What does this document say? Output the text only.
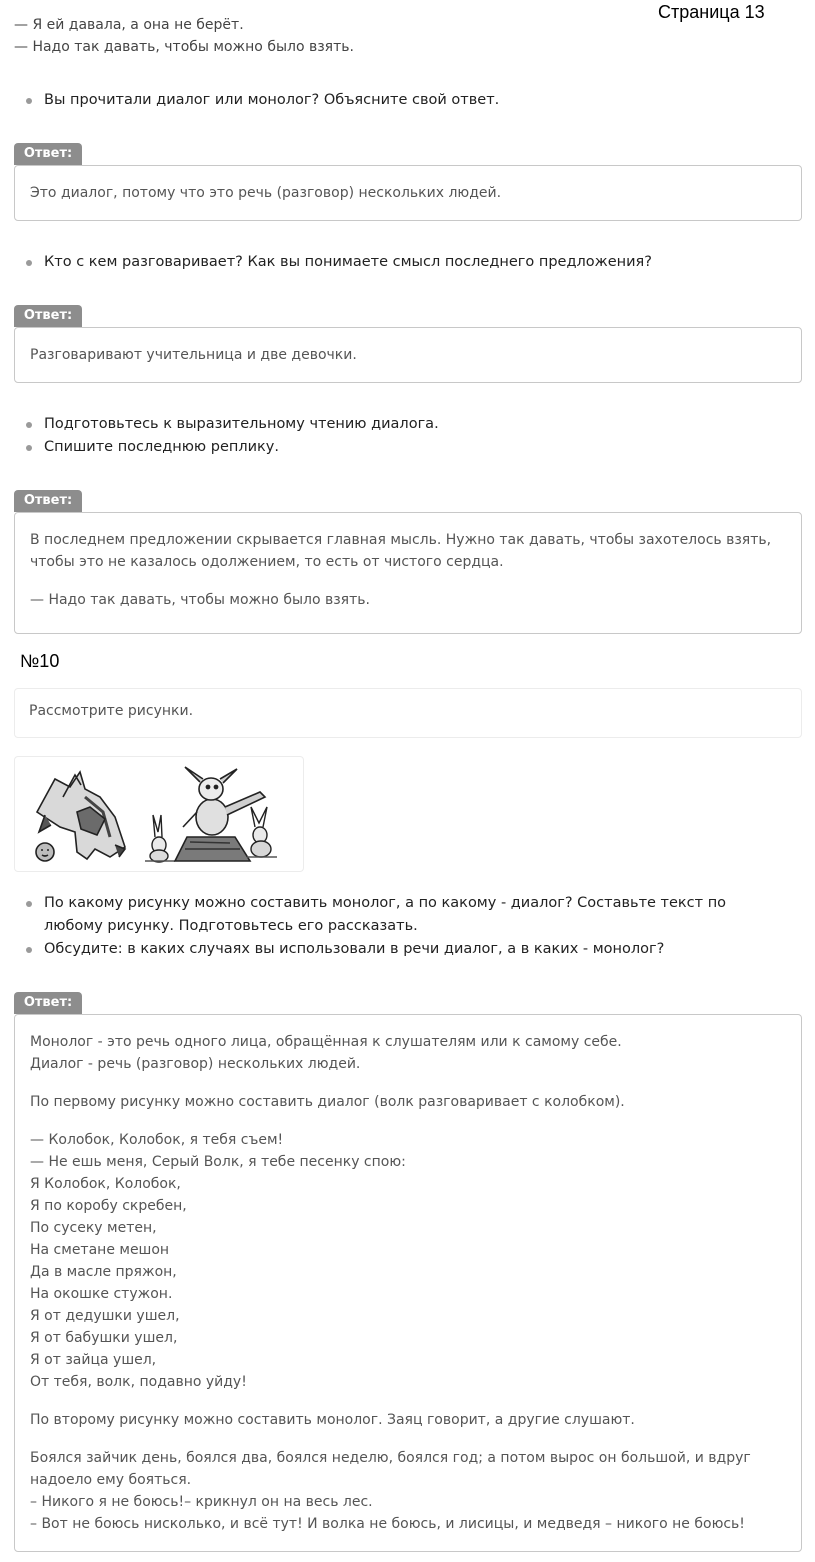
Страница 13
— Я ей давала, а она не берёт.
— Надо так давать, чтобы можно было взять.
Вы прочитали диалог или монолог? Объясните свой ответ.
Ответ:

Это диалог, потому что это речь (разговор) нескольких людей.

Кто с кем разговаривает? Как вы понимаете смысл последнего предложения?
Ответ:

Разговаривают учительница и две девочки.

Подготовьтесь к выразительному чтению диалога.
Спишите последнюю реплику.
Ответ:

В последнем предложении скрывается главная мысль. Нужно так давать, чтобы захотелось взять, чтобы это не казалось одолжением, то есть от чистого сердца.

— Надо так давать, чтобы можно было взять.

№10
Рассмотрите рисунки.
По какому рисунку можно составить монолог, а по какому - диалог? Составьте текст по любому рисунку. Подготовьтесь его рассказать.
Обсудите: в каких случаях вы использовали в речи диалог, а в каких - монолог?
Ответ:

Монолог - это речь одного лица, обращённая к слушателям или к самому себе.
Диалог - речь (разговор) нескольких людей.

По первому рисунку можно составить диалог (волк разговаривает с колобком).

— Колобок, Колобок, я тебя съем!
— Не ешь меня, Серый Волк, я тебе песенку спою:
Я Колобок, Колобок,
Я по коробу скребен,
По сусеку метен,
На сметане мешон
Да в масле пряжон,
На окошке стужон.
Я от дедушки ушел,
Я от бабушки ушел,
Я от зайца ушел,
От тебя, волк, подавно уйду!

По второму рисунку можно составить монолог. Заяц говорит, а другие слушают.

Боялся зайчик день, боялся два, боялся неделю, боялся год; а потом вырос он большой, и вдруг надоело ему бояться.
– Никого я не боюсь!– крикнул он на весь лес.
– Вот не боюсь нисколько, и всё тут! И волка не боюсь, и лисицы, и медведя – никого не боюсь!
